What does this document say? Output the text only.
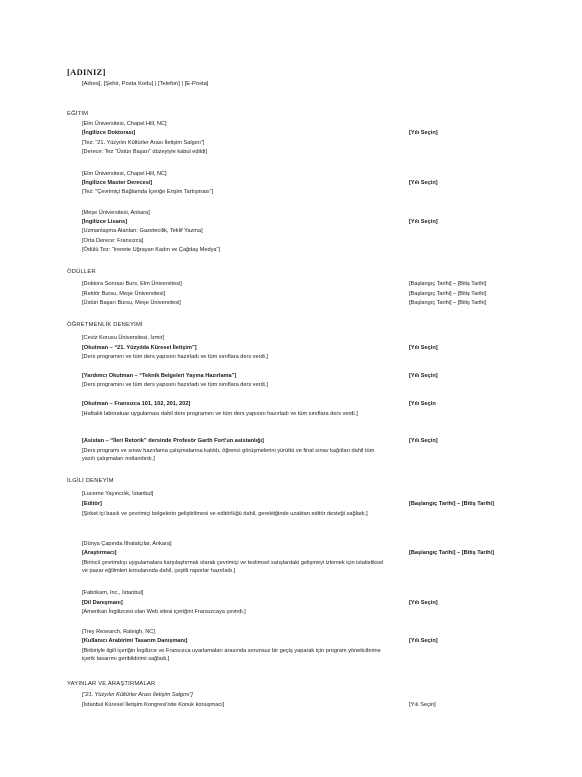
[ADINIZ]
[Adres], [Şehir, Posta Kodu] | [Telefon] | [E-Posta]
EĞİTİM
[Elm Üniversitesi, Chapel Hill, NC]
[İngilizce Doktorası]	[Yılı Seçin]
[Tez: “21. Yüzyılın Kültürler Arası İletişim Salgını”]
[Derece: Tez “Üstün Başarı” düzeyiyle kabul edildi]
[Elm Üniversitesi, Chapel Hill, NC]
[İngilizce Master Derecesi]	[Yılı Seçin]
[Tez: “Çevrimiçi Bağlamda İçeriğe Erişim Tartışması”]
[Meşe Üniversitesi, Ankara]
[İngilizce Lisans]	[Yılı Seçin]
[Uzmanlaşma Alanları: Gazetecilik, Teklif Yazma]
[Orta Derece: Fransızca]
[Ödülü Tez: “Irenete Uğrayan Kadın ve Çağdaş Medya”]
ÖDÜLLER
[Doktora Sonrası Burs, Elm Üniversitesi]	[Başlangıç Tarihi] – [Bitiş Tarihi]
[Rektör Bursu, Meşe Üniversitesi]	[Başlangıç Tarihi] – [Bitiş Tarihi]
[Üstün Başarı Bursu, Meşe Üniversitesi]	[Başlangıç Tarihi] – [Bitiş Tarihi]
ÖĞRETMENLİK DENEYİMİ
[Ceviz Korusu Üniversitesi, İzmir]
[Okutman – “21. Yüzyılda Küresel İletişim”]	[Yılı Seçin]
[Ders programını ve tüm ders yapısını hazırladı ve tüm sınıflara ders verdi.]
[Yardımcı Okutman – “Teknik Belgeleri Yayına Hazırlama”]	[Yılı Seçin]
[Ders programını ve tüm ders yapısını hazırladı ve tüm sınıflara ders verdi.]
[Okutman – Fransızca 101, 102, 201, 202]	[Yılı Seçin
[Haftalık laboratuar uygulaması dahil ders programını ve tüm ders yapısını hazırladı ve tüm sınıflara ders verdi.]
[Asistan – “İleri Retorik” dersinde Profesör Garth Fort'un asistanlığı]	[Yılı Seçin]
[Ders programı ve sınav hazırlama çalışmalarına katıldı, öğrenci görüşmelerini yürüttü ve final sınav kağıtları dahil tüm yazılı çalışmaları notlandırdı.]
İLGİLİ DENEYİM
[Lucerne Yayıncılık, İstanbul]
[Editör]	[Başlangıç Tarihi] – [Bitiş Tarihi]
[Şirket içi basılı ve çevrimiçi belgelerin geliştirilmesi ve editörlüğü dahil, gerektiğinde uzaktan editör desteği sağladı.]
[Dünya Çapında İthalatçılar, Ankara]
[Araştırmacı]	[Başlangıç Tarihi] – [Bitiş Tarihi]
[Birincil çevrimdışı uygulamalara karşılaştırmalı olarak çevrimiçi ve teslimsel satışlardaki gelişmeyi izlemek için istatistiksel ve pazar eğilimleri konularında dahil, çeşitli raporlar hazırladı.]
[Fabrikam, Inc., İstanbul]
[Dil Danışmanı]	[Yılı Seçin]
[Amerikan İngilizcesi olan Web sitesi içeriğini Fransızcaya çevirdi.]
[Trey Research, Raleigh, NC]
[Kullanıcı Arabirimi Tasarım Danışmanı]	[Yılı Seçin]
[Birbiriyle ilgili içeriğin İngilizce ve Fransızca uyarlamaları arasında sorunsuz bir geçiş yaparak için program yöneticilerine içerik tasarımı geribildirimi sağladı.]
YAYINLAR VE ARAŞTIRMALAR
[“21. Yüzyılın Kültürler Arası İletişim Salgını”]
[İstanbul Küresel İletişim Kongresi'nde Konuk konuşmacı]	[Yılı Seçin]
